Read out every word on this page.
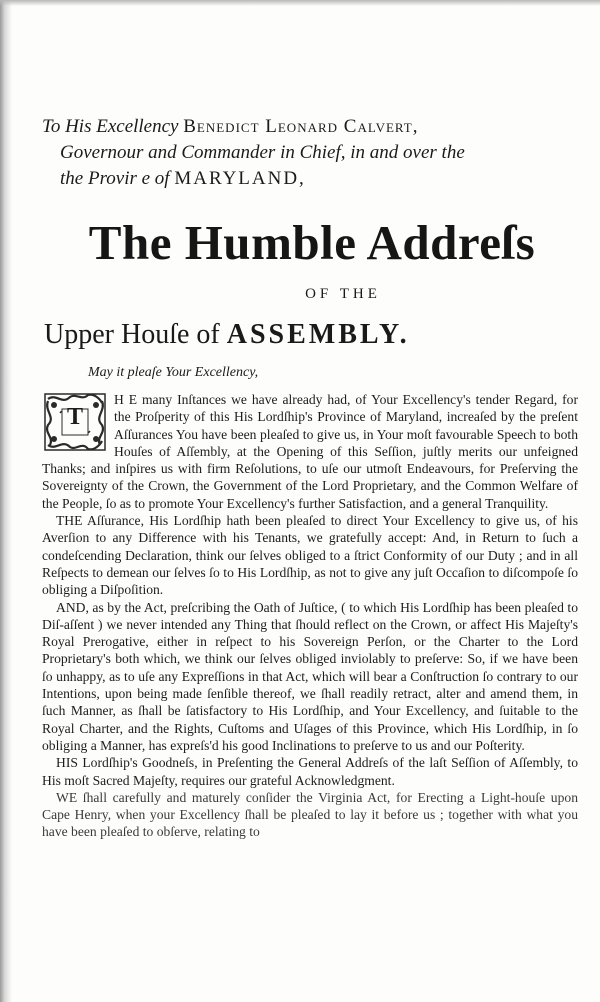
To His Excellency Benedict Leonard Calvert,
Governour and Commander in Chief, in and over the
the Provir e of MARYLAND,

The Humble Addreſs
OF THE
Upper Houſe of ASSEMBLY.
May it pleaſe Your Excellency,

T
H E many Inſtances we have already had, of Your Excellency's tender Regard, for the Proſperity of this His Lordſhip's Province of Maryland, increaſed by the preſent Aſſurances You have been pleaſed to give us, in Your moſt favourable Speech to both Houſes of Aſſembly, at the Opening of this Seſſion, juſtly merits our unfeigned Thanks; and inſpires us with firm Reſolutions, to uſe our utmoſt Endeavours, for Preſerving the Sovereignty of the Crown, the Government of the Lord Proprietary, and the Common Welfare of the People, ſo as to promote Your Excellency's further Satisfaction, and a general Tranquility.

THE Aſſurance, His Lordſhip hath been pleaſed to direct Your Excellency to give us, of his Averſion to any Difference with his Tenants, we gratefully accept: And, in Return to ſuch a condeſcending Declaration, think our ſelves obliged to a ſtrict Conformity of our Duty ; and in all Reſpects to demean our ſelves ſo to His Lordſhip, as not to give any juſt Occaſion to diſcompoſe ſo obliging a Diſpoſition.

AND, as by the Act, preſcribing the Oath of Juſtice, ( to which His Lordſhip has been pleaſed to Diſ-aſſent ) we never intended any Thing that ſhould reflect on the Crown, or affect His Majeſty's Royal Prerogative, either in reſpect to his Sovereign Perſon, or the Charter to the Lord Proprietary's both which, we think our ſelves obliged inviolably to preſerve: So, if we have been ſo unhappy, as to uſe any Expreſſions in that Act, which will bear a Conſtruction ſo contrary to our Intentions, upon being made ſenſible thereof, we ſhall readily retract, alter and amend them, in ſuch Manner, as ſhall be ſatisfactory to His Lordſhip, and Your Excellency, and ſuitable to the Royal Charter, and the Rights, Cuſtoms and Uſages of this Province, which His Lordſhip, in ſo obliging a Manner, has expreſs'd his good Inclinations to preſerve to us and our Poſterity.

HIS Lordſhip's Goodneſs, in Preſenting the General Addreſs of the laſt Seſſion of Aſſembly, to His moſt Sacred Majeſty, requires our grateful Acknowledgment.

WE ſhall carefully and maturely conſider the Virginia Act, for Erecting a Light-houſe upon Cape Henry, when your Excellency ſhall be pleaſed to lay it before us ; together with what you have been pleaſed to obſerve, relating to
